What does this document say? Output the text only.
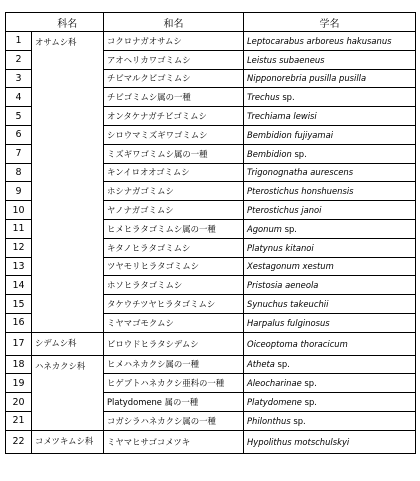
	科名	和名	学名
1	オサムシ科	コクロナガオサムシ	Leptocarabus arboreus hakusanus
2		アオヘリカワゴミムシ	Leistus subaeneus
3		チビマルクビゴミムシ	Nipponorebria pusilla pusilla
4		チビゴミムシ属の一種	Trechus sp.
5		オンタケナガチビゴミムシ	Trechiama lewisi
6		シロウマミズギワゴミムシ	Bembidion fujiyamai
7		ミズギワゴミムシ属の一種	Bembidion sp.
8		キンイロオオゴミムシ	Trigonognatha aurescens
9		ホシナガゴミムシ	Pterostichus honshuensis
10		ヤノナガゴミムシ	Pterostichus janoi
11		ヒメヒラタゴミムシ属の一種	Agonum sp.
12		キタノヒラタゴミムシ	Platynus kitanoi
13		ツヤモリヒラタゴミムシ	Xestagonum xestum
14		ホソヒラタゴミムシ	Pristosia aeneola
15		タケウチツヤヒラタゴミムシ	Synuchus takeuchii
16		ミヤマゴモクムシ	Harpalus fulginosus
17	シデムシ科	ビロウドヒラタシデムシ	Oiceoptoma thoracicum
18	ハネカクシ科	ヒメハネカクシ属の一種	Atheta sp.
19		ヒゲブトハネカクシ亜科の一種	Aleocharinae sp.
20		Platydomene 属の一種	Platydomene sp.
21		コガシラハネカクシ属の一種	Philonthus sp.
22	コメツキムシ科	ミヤマヒサゴコメツキ	Hypolithus motschulskyi
